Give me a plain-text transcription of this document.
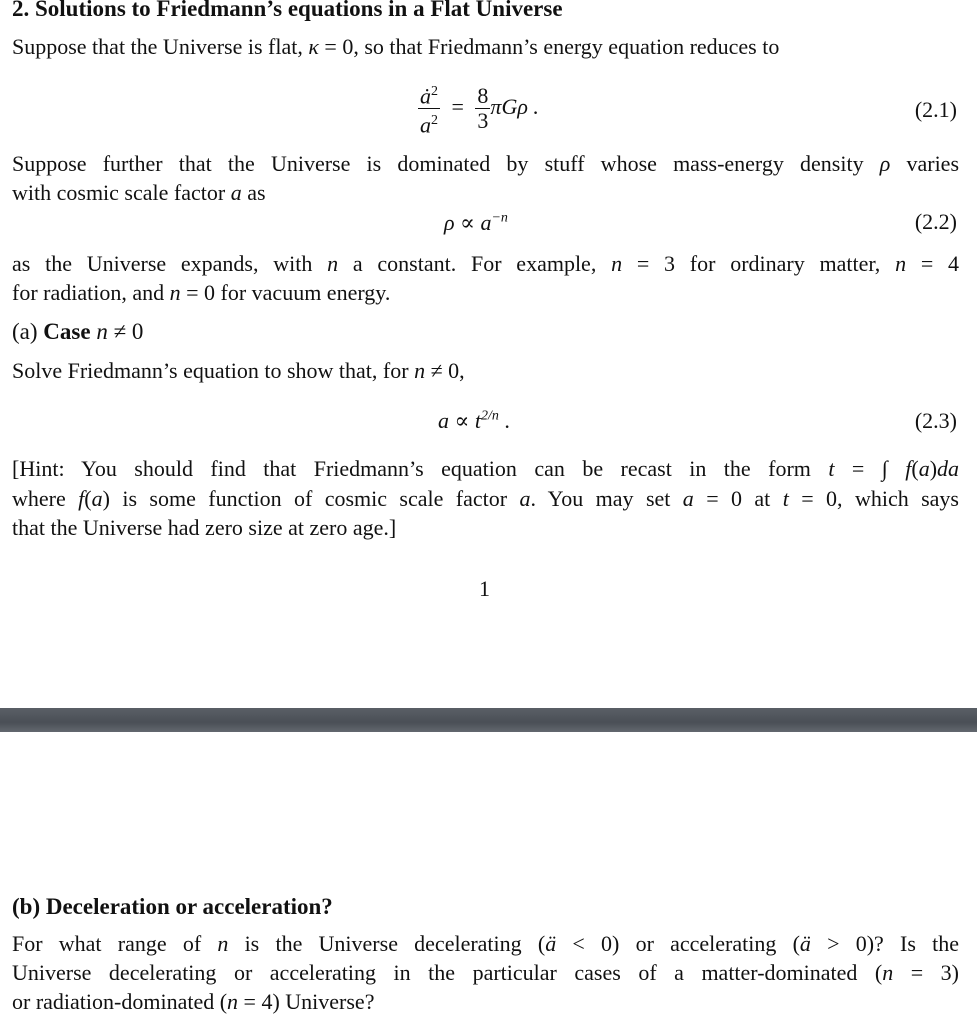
2. Solutions to Friedmann’s equations in a Flat Universe
Suppose that the Universe is flat, κ = 0, so that Friedmann’s energy equation reduces to
$\frac{ȧ^2}{a^2} = \frac{8}{3}$ πGρ .	(2.1)
Suppose further that the Universe is dominated by stuff whose mass-energy density ρ varies
with cosmic scale factor a as
$\rho \propto a^{-n}$	(2.2)
as the Universe expands, with n a constant. For example, n = 3 for ordinary matter, n = 4
for radiation, and n = 0 for vacuum energy.
(a) Case n ≠ 0
Solve Friedmann’s equation to show that, for n ≠ 0,
$a \propto t^{2/n}$ .	(2.3)
[Hint: You should find that Friedmann’s equation can be recast in the form t = ∫ f(a)da
where f(a) is some function of cosmic scale factor a. You may set a = 0 at t = 0, which says
that the Universe had zero size at zero age.]
1
(b) Deceleration or acceleration?
For what range of n is the Universe decelerating (ä < 0) or accelerating (ä > 0)? Is the
Universe decelerating or accelerating in the particular cases of a matter-dominated (n = 3)
or radiation-dominated (n = 4) Universe?
